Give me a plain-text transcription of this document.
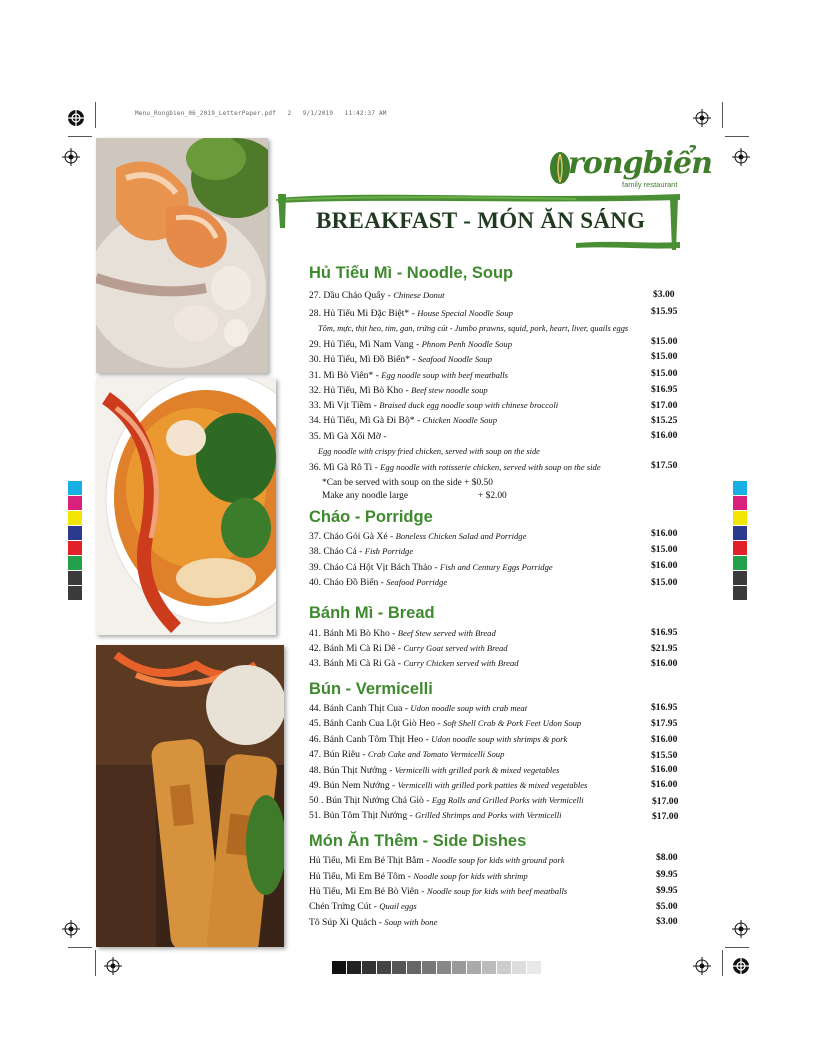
Menu_Rongbien_06_2019_LetterPaper.pdf   2   9/1/2019   11:42:37 AM
rongbiển
family restaurant
BREAKFAST - MÓN ĂN SÁNG
Hủ Tiếu Mì - Noodle, Soup
Cháo - Porridge
Bánh Mì - Bread
Bún - Vermicelli
Món Ăn Thêm - Side Dishes
27. Dầu Cháo Quẩy - Chinese Donut	$3.00
28. Hủ Tiếu Mì Đặc Biệt* - House Special Noodle Soup	$15.95
Tôm, mực, thịt heo, tim, gan, trứng cút - Jumbo prawns, squid, pork, heart, liver, quails eggs
29. Hủ Tiếu, Mì Nam Vang - Phnom Penh Noodle Soup	$15.00
30. Hủ Tiếu, Mì Đồ Biển* - Seafood Noodle Soup	$15.00
31. Mì Bò Viên* - Egg noodle soup with beef meatballs	$15.00
32. Hủ Tiếu, Mì Bò Kho - Beef stew noodle soup	$16.95
33. Mì Vịt Tiềm - Braised duck egg noodle soup with chinese broccoli	$17.00
34. Hủ Tiếu, Mì Gà Đi Bộ* - Chicken Noodle Soup	$15.25
35. Mì Gà Xối Mỡ -	$16.00
Egg noodle with crispy fried chicken, served with soup on the side
36. Mì Gà Rô Ti - Egg noodle with rotisserie chicken, served with soup on the side	$17.50
*Can be served with soup on the side + $0.50
Make any noodle large	+ $2.00
37. Cháo Gỏi Gà Xé - Boneless Chicken Salad and Porridge	$16.00
38. Cháo Cá - Fish Porridge	$15.00
39. Cháo Cá Hột Vịt Bách Thảo - Fish and Century Eggs Porridge	$16.00
40. Cháo Đồ Biển - Seafood Porridge	$15.00
41. Bánh Mì Bò Kho - Beef Stew served with Bread	$16.95
42. Bánh Mì Cà Ri Dê - Curry Goat served with Bread	$21.95
43. Bánh Mì Cà Ri Gà - Curry Chicken served with Bread	$16.00
44. Bánh Canh Thịt Cua - Udon noodle soup with crab meat	$16.95
45. Bánh Canh Cua Lột Giò Heo - Soft Shell Crab & Pork Feet Udon Soup	$17.95
46. Bánh Canh Tôm Thịt Heo - Udon noodle soup with shrimps & pork	$16.00
47. Bún Riêu - Crab Cake and Tomato Vermicelli Soup	$15.50
48. Bún Thịt Nướng - Vermicelli with grilled pork & mixed vegetables	$16.00
49. Bún Nem Nướng - Vermicelli with grilled pork patties & mixed vegetables	$16.00
50 . Bún Thịt Nướng Chả Giò - Egg Rolls and Grilled Porks with Vermicelli	$17.00
51. Bún Tôm Thịt Nướng - Grilled Shrimps and Porks with Vermicelli	$17.00
Hủ Tiếu, Mì Em Bé Thịt Bằm - Noodle soup for kids with ground pork	$8.00
Hủ Tiếu, Mì Em Bé Tôm - Noodle soup for kids with shrimp	$9.95
Hủ Tiếu, Mì Em Bé Bò Viên - Noodle soup for kids with beef meatballs	$9.95
Chén Trứng Cút - Quail eggs	$5.00
Tô Súp Xi Quách - Soup with bone	$3.00
